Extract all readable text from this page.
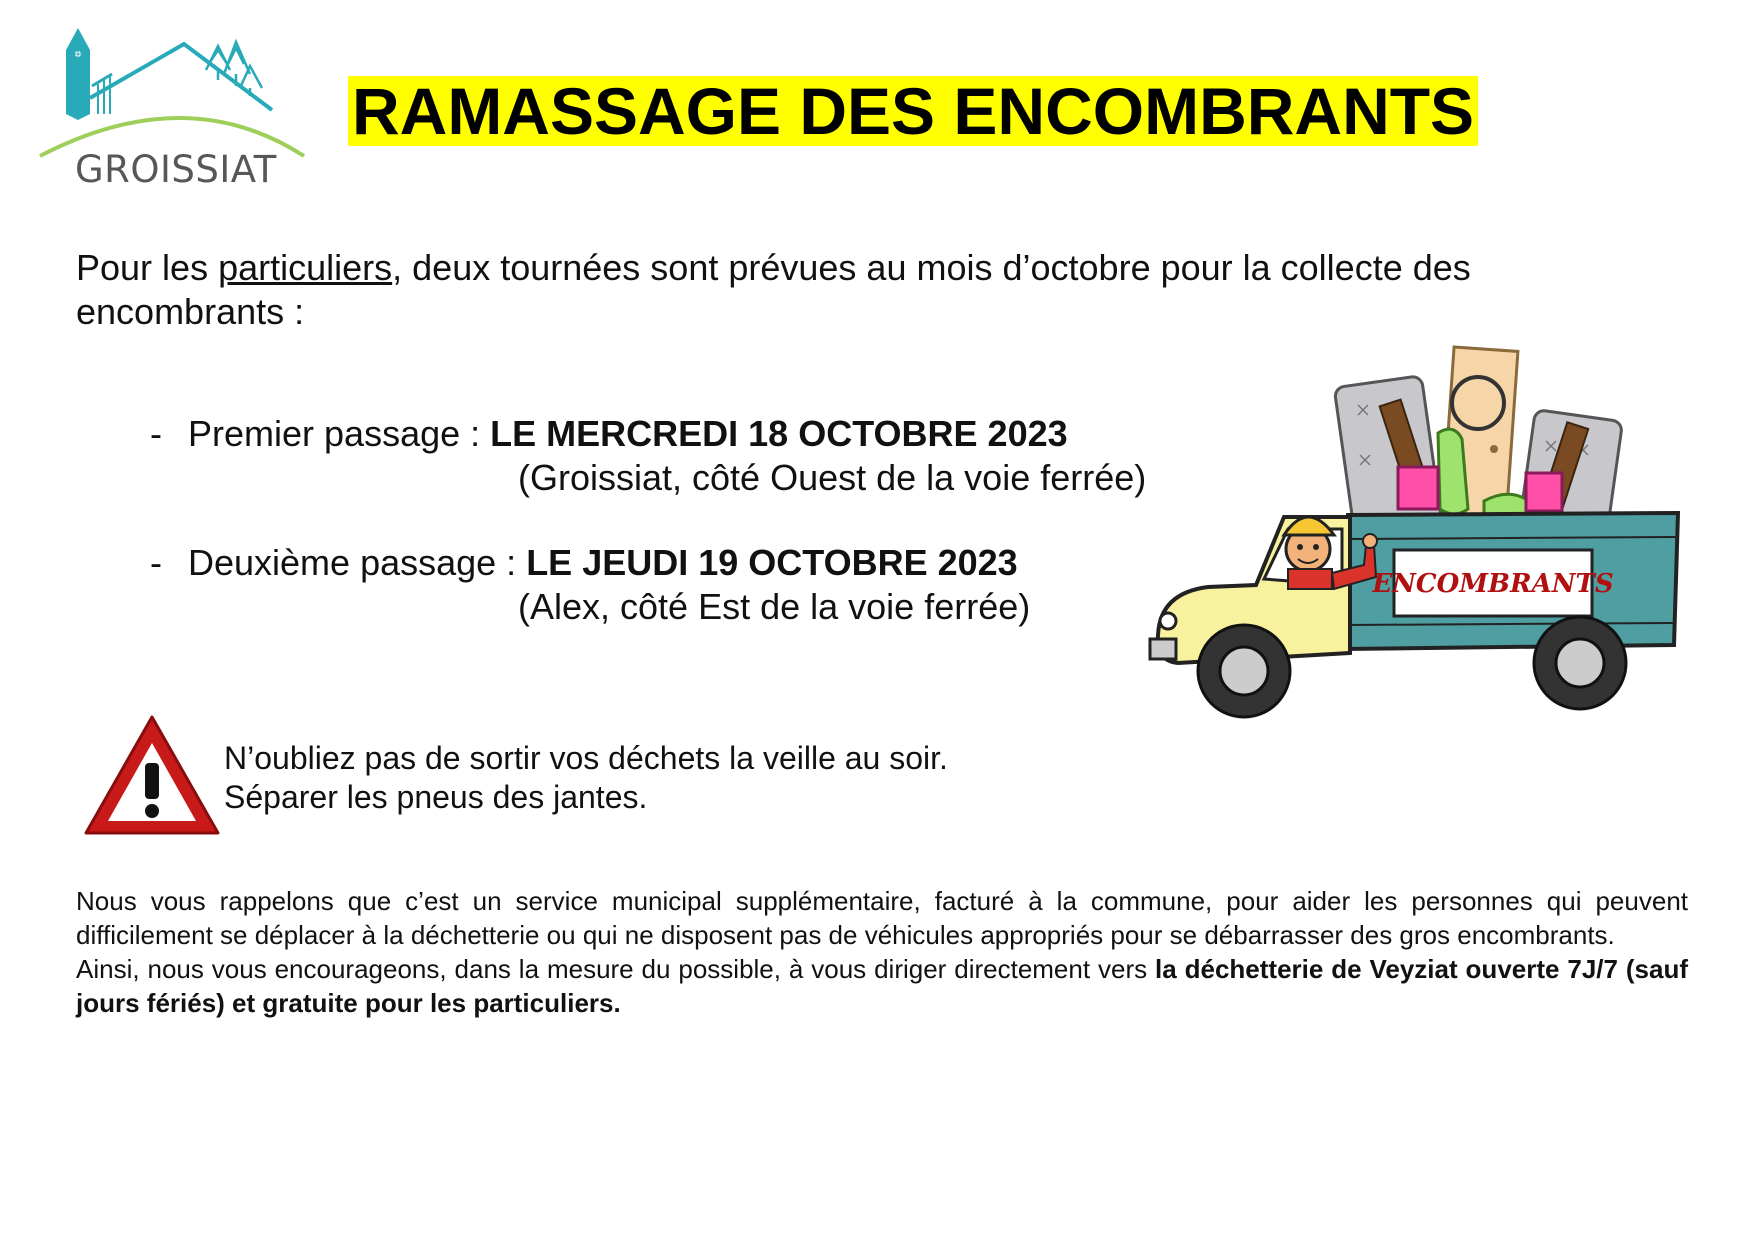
GROISSIAT
RAMASSAGE DES ENCOMBRANTS
Pour les particuliers, deux tournées sont prévues au mois d’octobre pour la collecte des encombrants :
- Premier passage : LE MERCREDI 18 OCTOBRE 2023
(Groissiat, côté Ouest de la voie ferrée)
- Deuxième passage : LE JEUDI 19 OCTOBRE 2023
(Alex, côté Est de la voie ferrée)
ENCOMBRANTS
N’oubliez pas de sortir vos déchets la veille au soir.
Séparer les pneus des jantes.

Nous vous rappelons que c’est un service municipal supplémentaire, facturé à la commune, pour aider les personnes qui peuvent difficilement se déplacer à la déchetterie ou qui ne disposent pas de véhicules appropriés pour se débarrasser des gros encombrants.

Ainsi, nous vous encourageons, dans la mesure du possible, à vous diriger directement vers la déchetterie de Veyziat ouverte 7J/7 (sauf jours fériés) et gratuite pour les particuliers.
